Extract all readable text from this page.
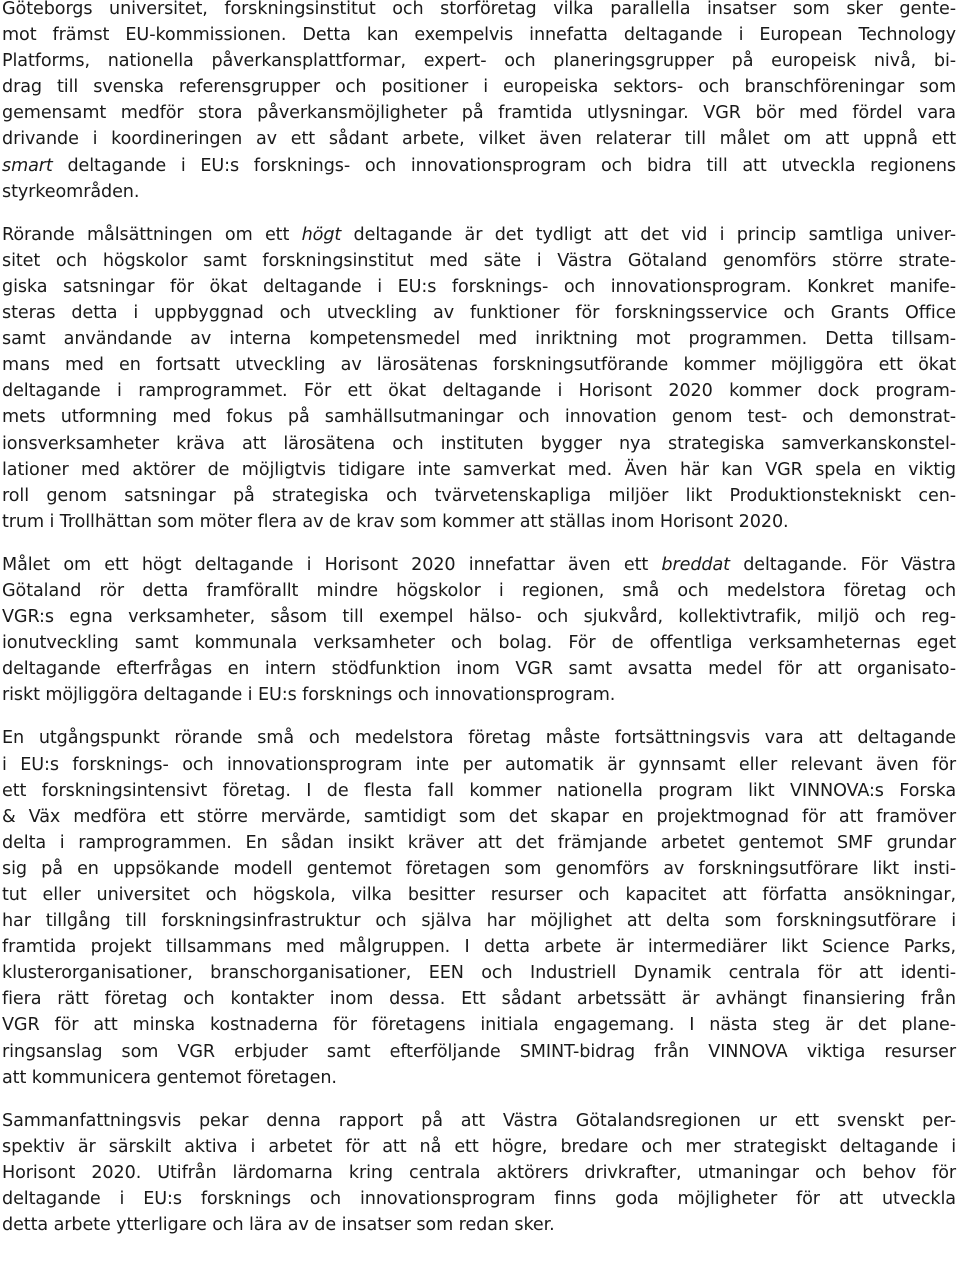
Göteborgs universitet, forskningsinstitut och storföretag vilka parallella insatser som sker gente-
mot främst EU-kommissionen. Detta kan exempelvis innefatta deltagande i European Technology
Platforms, nationella påverkansplattformar, expert- och planeringsgrupper på europeisk nivå, bi-
drag till svenska referensgrupper och positioner i europeiska sektors- och branschföreningar som
gemensamt medför stora påverkansmöjligheter på framtida utlysningar. VGR bör med fördel vara
drivande i koordineringen av ett sådant arbete, vilket även relaterar till målet om att uppnå ett
smart deltagande i EU:s forsknings- och innovationsprogram och bidra till att utveckla regionens
styrkeområden.
Rörande målsättningen om ett högt deltagande är det tydligt att det vid i princip samtliga univer-
sitet och högskolor samt forskningsinstitut med säte i Västra Götaland genomförs större strate-
giska satsningar för ökat deltagande i EU:s forsknings- och innovationsprogram. Konkret manife-
steras detta i uppbyggnad och utveckling av funktioner för forskningsservice och Grants Office
samt användande av interna kompetensmedel med inriktning mot programmen. Detta tillsam-
mans med en fortsatt utveckling av lärosätenas forskningsutförande kommer möjliggöra ett ökat
deltagande i ramprogrammet. För ett ökat deltagande i Horisont 2020 kommer dock program-
mets utformning med fokus på samhällsutmaningar och innovation genom test- och demonstrat-
ionsverksamheter kräva att lärosätena och instituten bygger nya strategiska samverkanskonstel-
lationer med aktörer de möjligtvis tidigare inte samverkat med. Även här kan VGR spela en viktig
roll genom satsningar på strategiska och tvärvetenskapliga miljöer likt Produktionstekniskt cen-
trum i Trollhättan som möter flera av de krav som kommer att ställas inom Horisont 2020.
Målet om ett högt deltagande i Horisont 2020 innefattar även ett breddat deltagande. För Västra
Götaland rör detta framförallt mindre högskolor i regionen, små och medelstora företag och
VGR:s egna verksamheter, såsom till exempel hälso- och sjukvård, kollektivtrafik, miljö och reg-
ionutveckling samt kommunala verksamheter och bolag. För de offentliga verksamheternas eget
deltagande efterfrågas en intern stödfunktion inom VGR samt avsatta medel för att organisato-
riskt möjliggöra deltagande i EU:s forsknings och innovationsprogram.
En utgångspunkt rörande små och medelstora företag måste fortsättningsvis vara att deltagande
i EU:s forsknings- och innovationsprogram inte per automatik är gynnsamt eller relevant även för
ett forskningsintensivt företag. I de flesta fall kommer nationella program likt VINNOVA:s Forska
& Väx medföra ett större mervärde, samtidigt som det skapar en projektmognad för att framöver
delta i ramprogrammen. En sådan insikt kräver att det främjande arbetet gentemot SMF grundar
sig på en uppsökande modell gentemot företagen som genomförs av forskningsutförare likt insti-
tut eller universitet och högskola, vilka besitter resurser och kapacitet att författa ansökningar,
har tillgång till forskningsinfrastruktur och själva har möjlighet att delta som forskningsutförare i
framtida projekt tillsammans med målgruppen. I detta arbete är intermediärer likt Science Parks,
klusterorganisationer, branschorganisationer, EEN och Industriell Dynamik centrala för att identi-
fiera rätt företag och kontakter inom dessa. Ett sådant arbetssätt är avhängt finansiering från
VGR för att minska kostnaderna för företagens initiala engagemang. I nästa steg är det plane-
ringsanslag som VGR erbjuder samt efterföljande SMINT-bidrag från VINNOVA viktiga resurser
att kommunicera gentemot företagen.
Sammanfattningsvis pekar denna rapport på att Västra Götalandsregionen ur ett svenskt per-
spektiv är särskilt aktiva i arbetet för att nå ett högre, bredare och mer strategiskt deltagande i
Horisont 2020. Utifrån lärdomarna kring centrala aktörers drivkrafter, utmaningar och behov för
deltagande i EU:s forsknings och innovationsprogram finns goda möjligheter för att utveckla
detta arbete ytterligare och lära av de insatser som redan sker.
